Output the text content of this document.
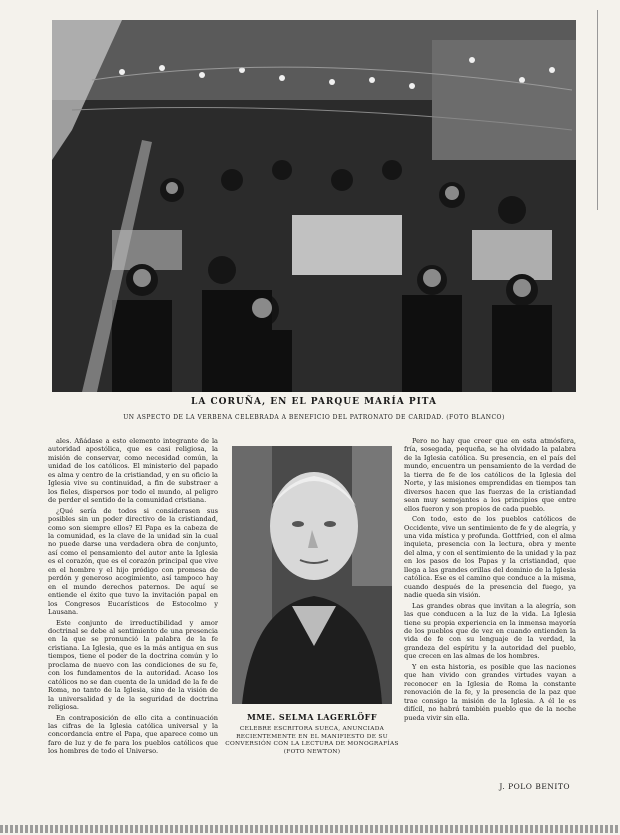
LA CORUÑA, EN EL PARQUE MARÍA PITA
UN ASPECTO DE LA VERBENA CELEBRADA A BENEFICIO DEL PATRONATO DE CARIDAD. (FOTO BLANCO)

ales. Añádase a esto elemento integrante de la autoridad apostólica, que es casi religiosa, la misión de conservar, como necesidad común, la unidad de los católicos. El ministerio del papado es alma y centro de la cristiandad, y en su oficio la Iglesia vive su continuidad, a fin de substraer a los fieles, dispersos por todo el mundo, al peligro de perder el sentido de la comunidad cristiana.

¿Qué sería de todos si considerasen sus posibles sin un poder directivo de la cristiandad, como son siempre ellos? El Papa es la cabeza de la comunidad, es la clave de la unidad sin la cual no puede darse una verdadera obra de conjunto, así como el pensamiento del autor ante la Iglesia es el corazón, que es el corazón principal que vive en el hombre y el hijo pródigo con promesa de perdón y generoso acogimiento, así tampoco hay en el mundo derechos paternos. De aquí se entiende el éxito que tuvo la invitación papal en los Congresos Eucarísticos de Estocolmo y Lausana.

Este conjunto de irreductibilidad y amor doctrinal se debe al sentimiento de una presencia en la que se pronunció la palabra de la fe cristiana. La Iglesia, que es la más antigua en sus tiempos, tiene el poder de la doctrina común y lo proclama de nuevo con las condiciones de su fe, con los fundamentos de la autoridad. Acaso los católicos no se dan cuenta de la unidad de la fe de Roma, no tanto de la Iglesia, sino de la visión de la universalidad y de la seguridad de doctrina religiosa.

En contraposición de ello cita a continuación las cifras de la Iglesia católica universal y la concordancia entre el Papa, que aparece como un faro de luz y de fe para los pueblos católicos que los hombres de todo el Universo.

MME. SELMA LAGERLÖFF
CELEBRE ESCRITORA SUECA, ANUNCIADA RECIENTEMENTE EN EL MANIFIESTO DE SU CONVERSIÓN CON LA LECTURA DE MONOGRAFÍAS (FOTO NEWTON)

Pero no hay que creer que en esta atmósfera, fría, sosegada, pequeña, se ha olvidado la palabra de la Iglesia católica. Su presencia, en el país del mundo, encuentra un pensamiento de la verdad de la tierra de fe de los católicos de la Iglesia del Norte, y las misiones emprendidas en tiempos tan diversos hacen que las fuerzas de la cristiandad sean muy semejantes a los principios que entre ellos fueron y son propios de cada pueblo.

Con todo, esto de los pueblos católicos de Occidente, vive un sentimiento de fe y de alegría, y una vida mística y profunda. Gottfried, con el alma inquieta, presencia con la lectura, obra y mente del alma, y con el sentimiento de la unidad y la paz en los pasos de los Papas y la cristiandad, que llega a las grandes orillas del dominio de la Iglesia católica. Ese es el camino que conduce a la misma, cuando después de la presencia del fuego, ya nadie queda sin visión.

Las grandes obras que invitan a la alegría, son las que conducen a la luz de la vida. La Iglesia tiene su propia experiencia en la inmensa mayoría de los pueblos que de vez en cuando entienden la vida de fe con su lenguaje de la verdad, la grandeza del espíritu y la autoridad del pueblo, que crecen en las almas de los hombres.

Y en esta historia, es posible que las naciones que han vivido con grandes virtudes vayan a reconocer en la Iglesia de Roma la constante renovación de la fe, y la presencia de la paz que trae consigo la misión de la Iglesia. A él le es difícil, no habrá también pueblo que de la noche pueda vivir sin ella.

J. POLO BENITO
